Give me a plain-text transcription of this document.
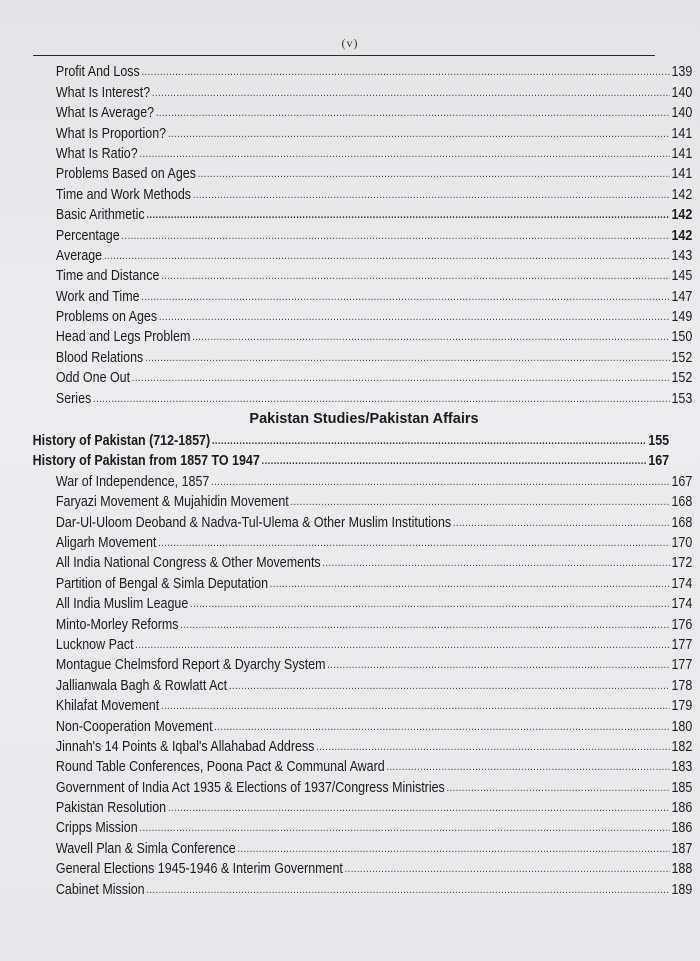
(v)
Profit And Loss .....	139
What Is Interest? .....	140
What Is Average? .....	140
What Is Proportion? .....	141
What Is Ratio? .....	141
Problems Based on Ages .....	141
Time and Work Methods .....	142
Basic Arithmetic .....	142
Percentage .....	142
Average .....	143
Time and Distance .....	145
Work and Time .....	147
Problems on Ages .....	149
Head and Legs Problem .....	150
Blood Relations .....	152
Odd One Out .....	152
Series .....	153
Pakistan Studies/Pakistan Affairs
History of Pakistan (712-1857) .....	155
History of Pakistan from 1857 TO 1947 .....	167
War of Independence, 1857 .....	167
Faryazi Movement & Mujahidin Movement .....	168
Dar-Ul-Uloom Deoband & Nadva-Tul-Ulema & Other Muslim Institutions .....	168
Aligarh Movement .....	170
All India National Congress & Other Movements .....	172
Partition of Bengal & Simla Deputation .....	174
All India Muslim League .....	174
Minto-Morley Reforms .....	176
Lucknow Pact .....	177
Montague Chelmsford Report & Dyarchy System .....	177
Jallianwala Bagh & Rowlatt Act .....	178
Khilafat Movement .....	179
Non-Cooperation Movement .....	180
Jinnah's 14 Points & Iqbal's Allahabad Address .....	182
Round Table Conferences, Poona Pact & Communal Award .....	183
Government of India Act 1935 & Elections of 1937/Congress Ministries .....	185
Pakistan Resolution .....	186
Cripps Mission .....	186
Wavell Plan & Simla Conference .....	187
General Elections 1945-1946 & Interim Government .....	188
Cabinet Mission .....	189
